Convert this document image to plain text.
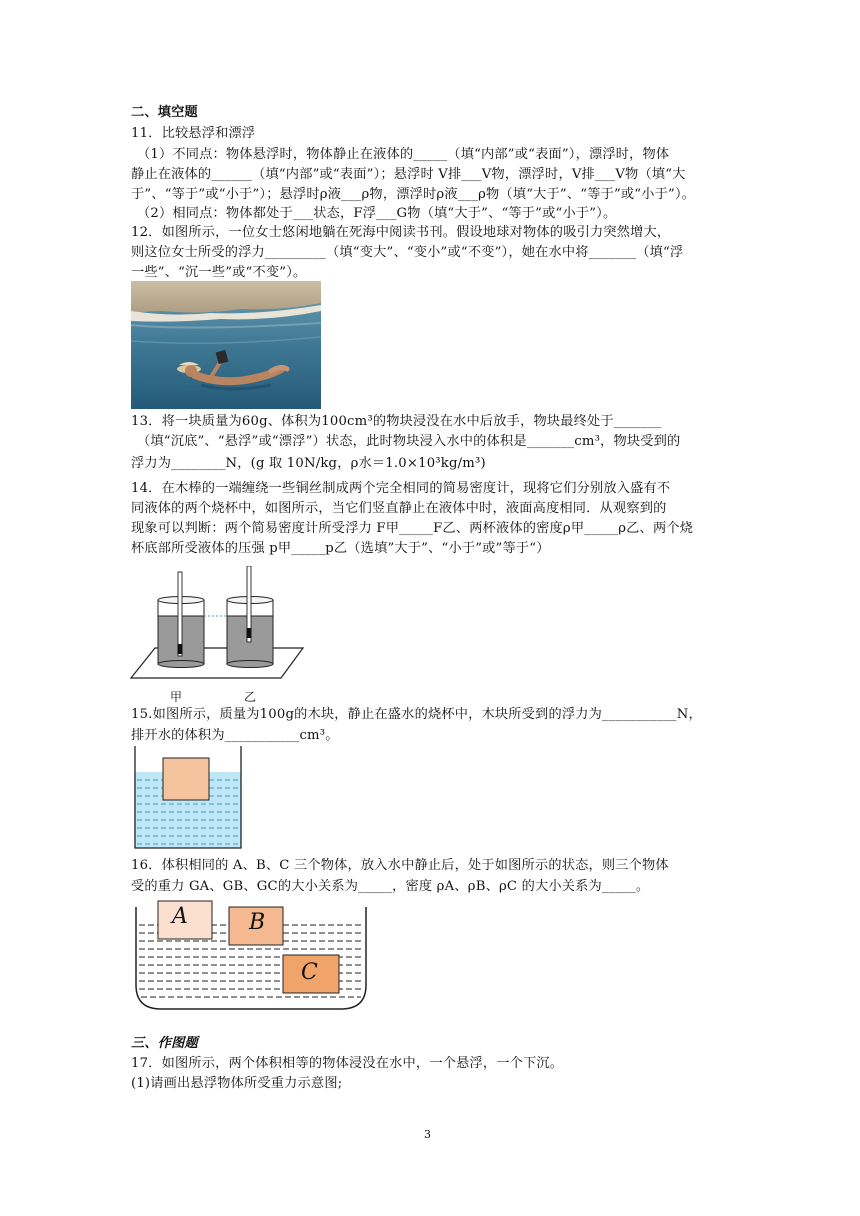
二、填空题
11．比较悬浮和漂浮
（1）不同点：物体悬浮时，物体静止在液体的_____（填“内部”或“表面”），漂浮时，物体
静止在液体的______（填“内部”或“表面”）；悬浮时 V排___V物，漂浮时，V排___V物（填“大
于”、“等于”或“小于”）；悬浮时ρ液___ρ物，漂浮时ρ液___ρ物（填“大于”、“等于”或“小于”）。
（2）相同点：物体都处于___状态，F浮___G物（填“大于”、“等于”或“小于”）。
12．如图所示，一位女士悠闲地躺在死海中阅读书刊。假设地球对物体的吸引力突然增大，
则这位女士所受的浮力_________（填“变大”、“变小”或“不变”），她在水中将_______（填“浮
一些”、“沉一些”或“不变”）。
13．将一块质量为60g、体积为100cm³的物块浸没在水中后放手，物块最终处于_______
（填“沉底”、“悬浮”或“漂浮”）状态，此时物块浸入水中的体积是_______cm³，物块受到的
浮力为________N，(g 取 10N/kg，ρ水＝1.0×10³kg/m³)
14．在木棒的一端缠绕一些铜丝制成两个完全相同的简易密度计，现将它们分别放入盛有不
同液体的两个烧杯中，如图所示，当它们竖直静止在液体中时，液面高度相同．从观察到的
现象可以判断：两个简易密度计所受浮力 F甲_____F乙、两杯液体的密度ρ甲_____ρ乙、两个烧
杯底部所受液体的压强 p甲_____p乙（选填”大于”、“小于”或”等于“）
甲	乙
15.如图所示，质量为100g的木块，静止在盛水的烧杯中，木块所受到的浮力为___________N，
排开水的体积为___________cm³。
16．体积相同的 A、B、C 三个物体，放入水中静止后，处于如图所示的状态，则三个物体
受的重力 GA、GB、GC的大小关系为_____，密度 ρA、ρB、ρC 的大小关系为_____。
A	B
C
三、作图题
17．如图所示，两个体积相等的物体浸没在水中，一个悬浮，一个下沉。
(1)请画出悬浮物体所受重力示意图;
3
